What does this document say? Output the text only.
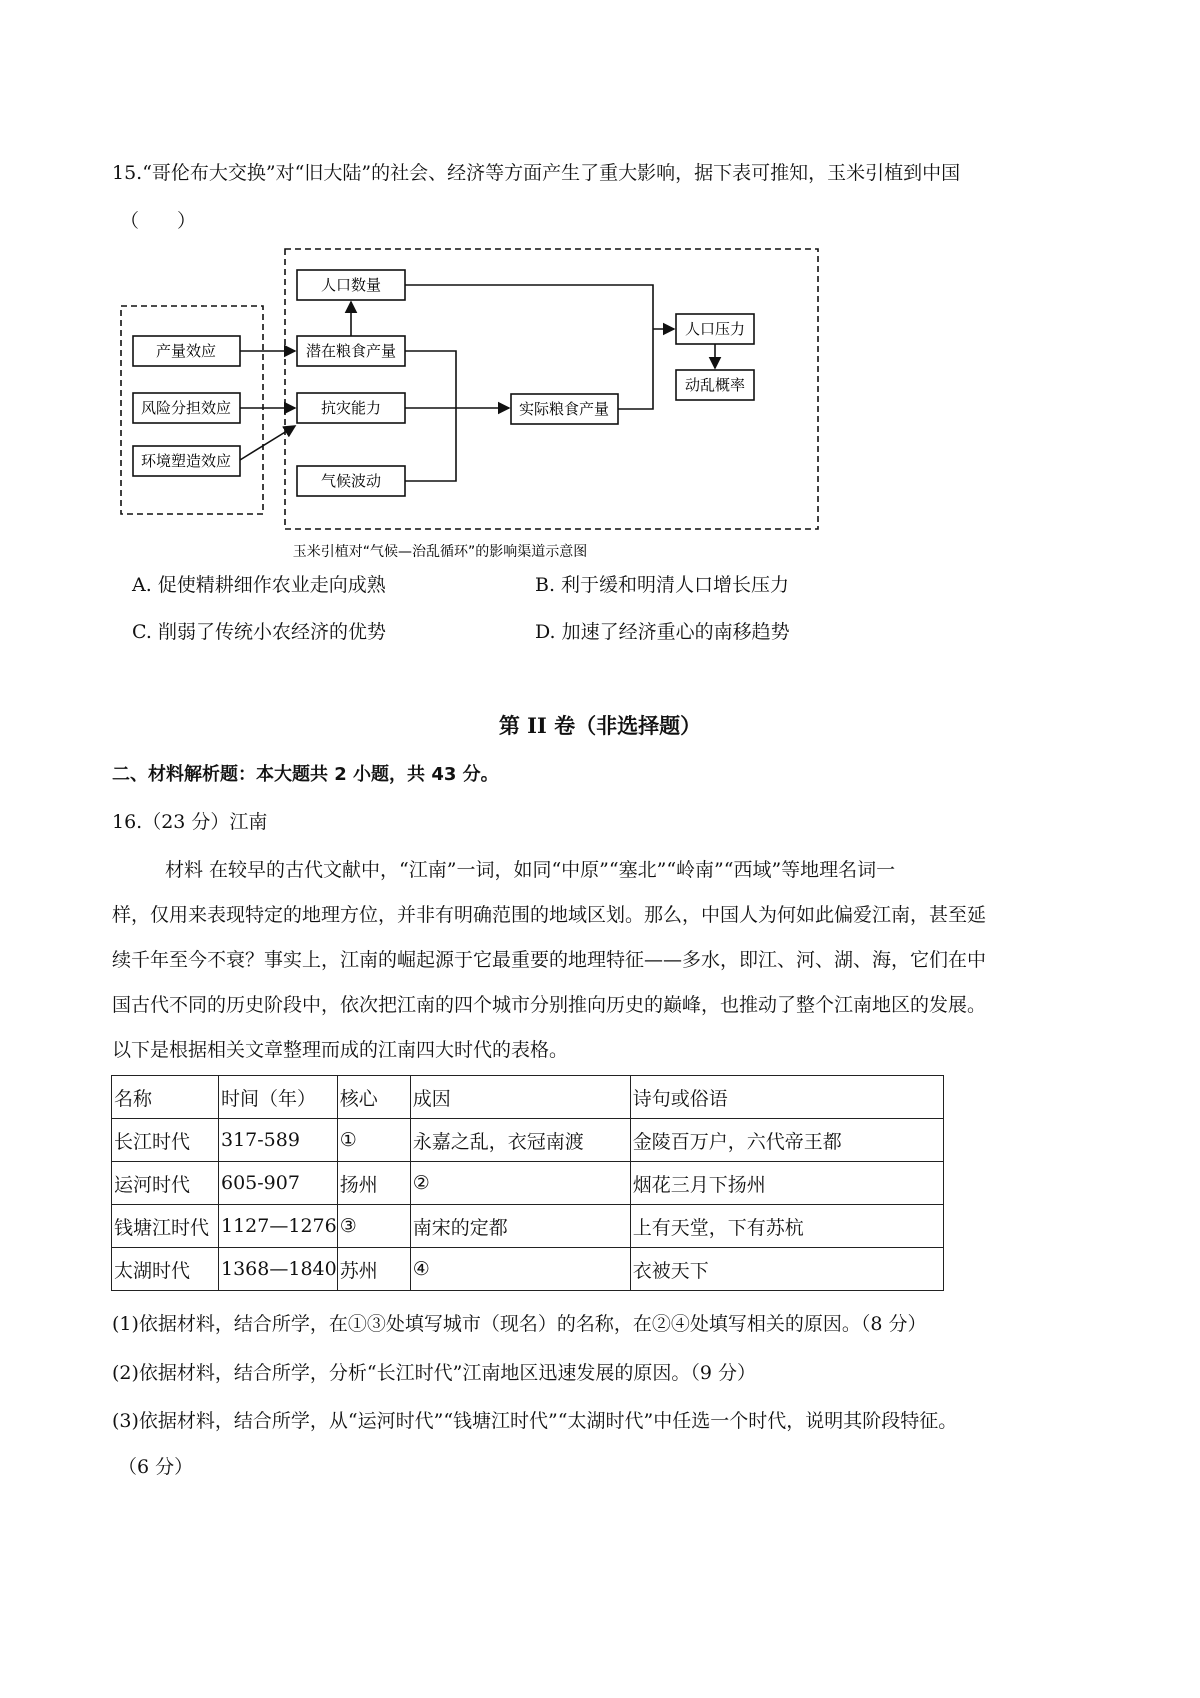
15.“哥伦布大交换”对“旧大陆”的社会、经济等方面产生了重大影响，据下表可推知，玉米引植到中国
（　　）
人口数量
产量效应	潜在粮食产量
风险分担效应	抗灾能力
环境塑造效应
气候波动
实际粮食产量
人口压力
动乱概率
玉米引植对“气候—治乱循环”的影响渠道示意图
A. 促使精耕细作农业走向成熟	B. 利于缓和明清人口增长压力
C. 削弱了传统小农经济的优势	D. 加速了经济重心的南移趋势
第 II 卷（非选择题）
二、材料解析题：本大题共 2 小题，共 43 分。
16.（23 分）江南

材料 在较早的古代文献中，“江南”一词，如同“中原”“塞北”“岭南”“西域”等地理名词一

样，仅用来表现特定的地理方位，并非有明确范围的地域区划。那么，中国人为何如此偏爱江南，甚至延

续千年至今不衰？事实上，江南的崛起源于它最重要的地理特征——多水，即江、河、湖、海，它们在中

国古代不同的历史阶段中，依次把江南的四个城市分别推向历史的巅峰，也推动了整个江南地区的发展。

以下是根据相关文章整理而成的江南四大时代的表格。

名称	时间（年）	核心	成因	诗句或俗语
长江时代	317-589	①	永嘉之乱，衣冠南渡	金陵百万户，六代帝王都
运河时代	605-907	扬州	②	烟花三月下扬州
钱塘江时代	1127—1276	③	南宋的定都	上有天堂，下有苏杭
太湖时代	1368—1840	苏州	④	衣被天下
(1)依据材料，结合所学，在①③处填写城市（现名）的名称，在②④处填写相关的原因。（8 分）
(2)依据材料，结合所学，分析“长江时代”江南地区迅速发展的原因。（9 分）
(3)依据材料，结合所学，从“运河时代”“钱塘江时代”“太湖时代”中任选一个时代，说明其阶段特征。
（6 分）
